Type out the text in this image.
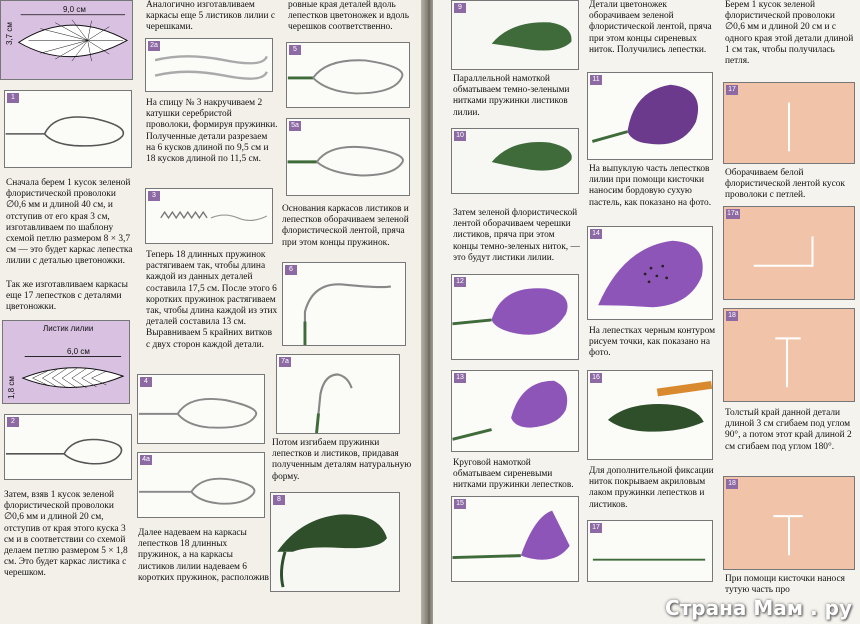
9,0 см
3,7 см
1

Сначала берем 1 кусок зеленой флористической проволоки ∅0,6 мм и длиной 40 см, и отступив от его края 3 см, изготавливаем по шаблону схемой петлю размером 8 × 3,7 см — это будет каркас лепестка лилии с деталью цветоножки.

Так же изготавливаем каркасы еще 17 лепестков с деталями цветоножки.

Листик лилии
6,0 см
1,8 см
2

Затем, взяв 1 кусок зеленой флористической проволоки ∅0,6 мм и длиной 20 см, отступив от края этого куска 3 см и в соответствии со схемой делаем петлю размером 5 × 1,8 см. Это будет каркас листика с черешком.

Аналогично изготавливаем каркасы еще 5 листиков лилии с черешками.

2a

На спицу № 3 накручиваем 2 катушки серебристой проволоки, формируя пружинки. Полученные детали разрезаем на 6 кусков длиной по 9,5 см и 18 кусков длиной по 11,5 см.

3

Теперь 18 длинных пружинок растягиваем так, чтобы длина каждой из данных деталей составила 17,5 см. После этого 6 коротких пружинок растягиваем так, чтобы длина каждой из этих деталей составила 13 см. Выравниваем 5 крайних витков с двух сторон каждой детали.

4
4a

Далее надеваем на каркасы лепестков 18 длинных пружинок, а на каркасы листиков лилии надеваем 6 коротких пружинок, расположив

ровные края деталей вдоль лепестков цветоножек и вдоль черешков соответственно.

5
5a

Основания каркасов листиков и лепестков оборачиваем зеленой флористической лентой, пряча при этом концы пружинок.

6
7a

Потом изгибаем пружинки лепестков и листиков, придавая полученным деталям натуральную форму.

8
9

Параллельной намоткой обматываем темно-зелеными нитками пружинки листиков лилии.

10

Затем зеленой флористической лентой оборачиваем черешки листиков, пряча при этом концы темно-зеленых ниток, — это будут листики лилии.

12
13

Круговой намоткой обматываем сиреневыми нитками пружинки лепестков.

15

Детали цветоножек оборачиваем зеленой флористической лентой, пряча при этом концы сиреневых ниток. Получились лепестки.

11

На выпуклую часть лепестков лилии при помощи кисточки наносим бордовую сухую пастель, как показано на фото.

14

На лепестках черным контуром рисуем точки, как показано на фото.

16

Для дополнительной фиксации ниток покрываем акриловым лаком пружинки лепестков и листиков.

17

Берем 1 кусок зеленой флористической проволоки ∅0,6 мм и длиной 20 см и с одного края этой детали длиной 1 см так, чтобы получилась петля.

17

Оборачиваем белой флористической лентой кусок проволоки с петлей.

17a
18

Толстый край данной детали длиной 3 см сгибаем под углом 90°, а потом этот край длиной 2 см сгибаем под углом 180°.

18

При помощи кисточки нанося тутую часть про

Страна Мам . ру
